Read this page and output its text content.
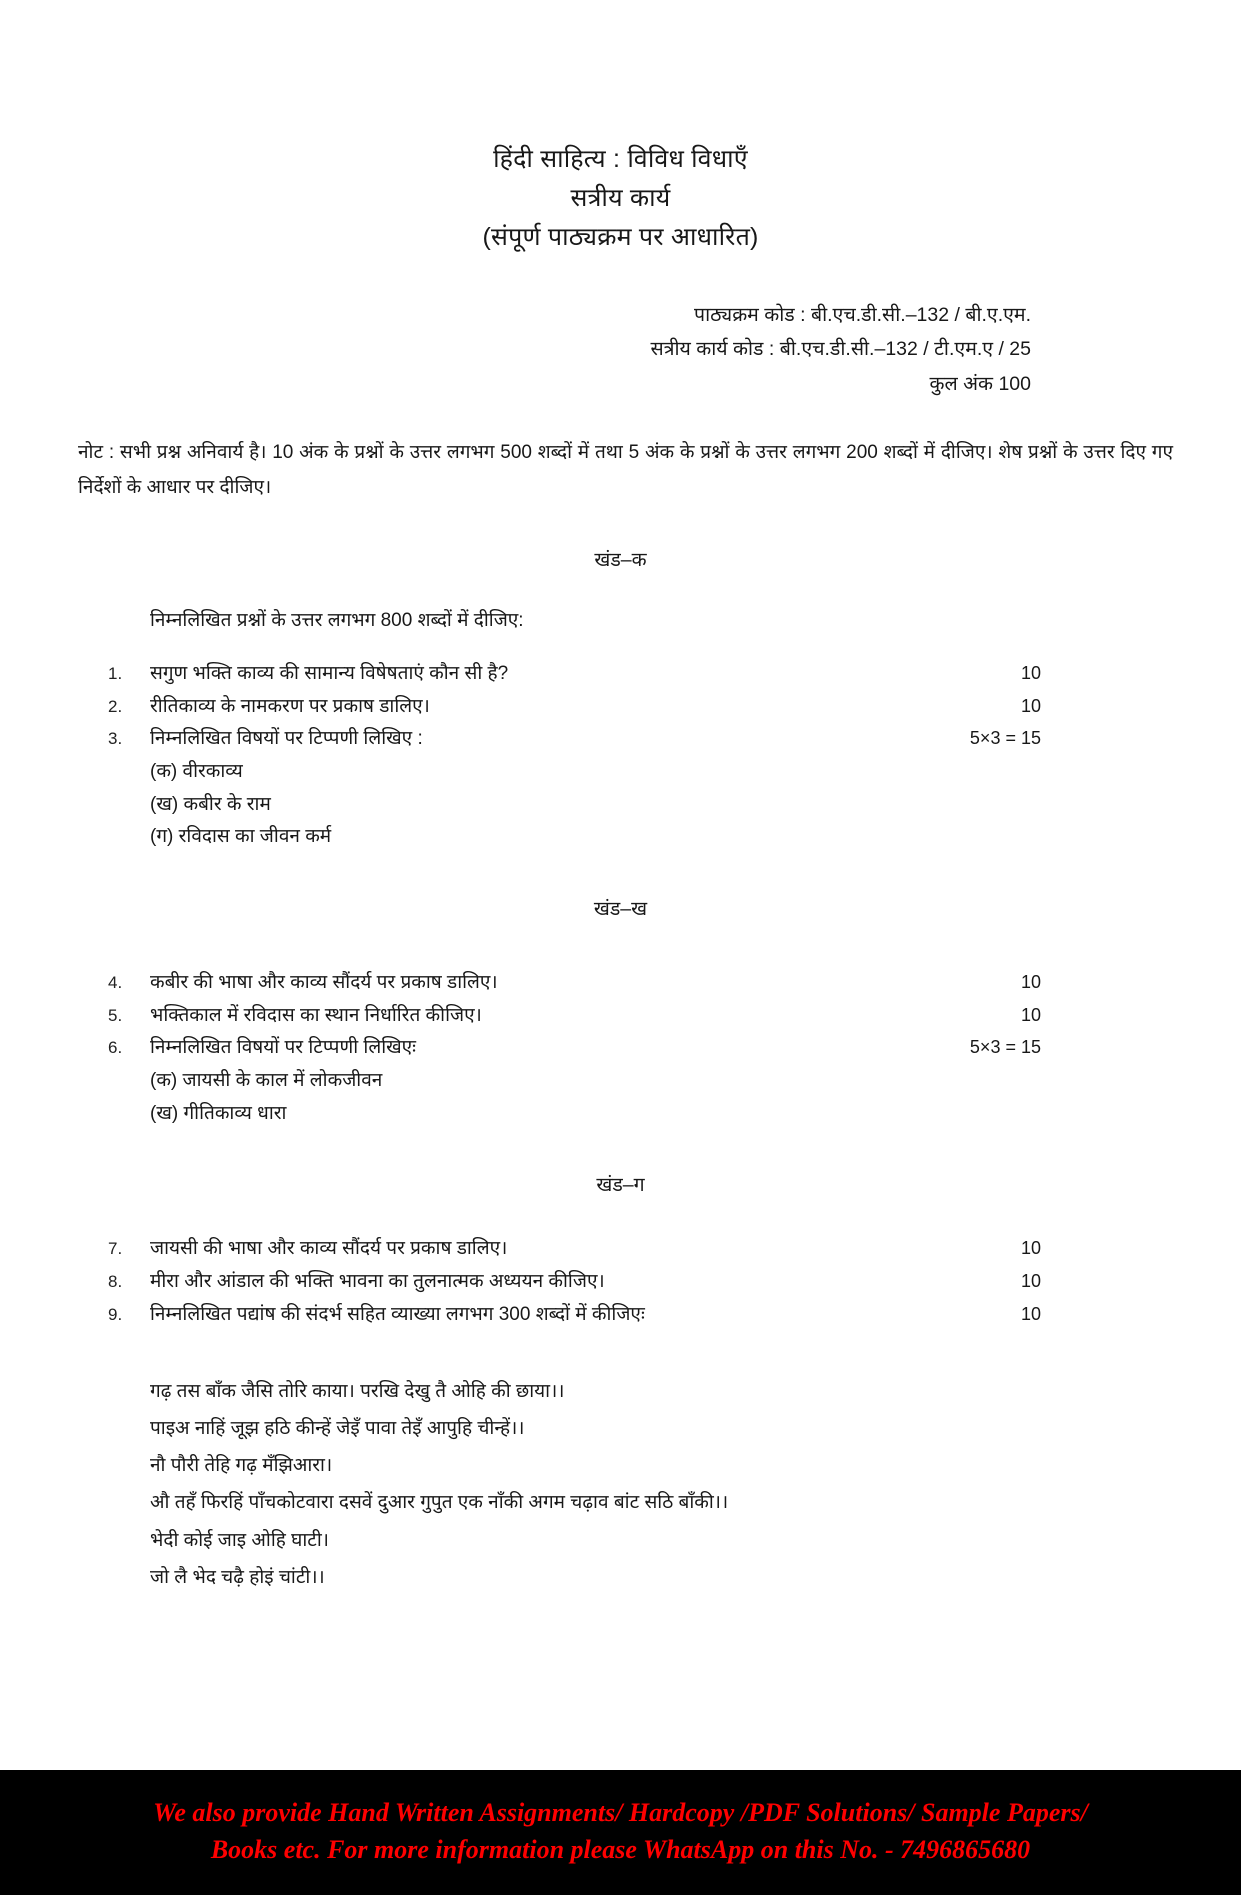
हिंदी साहित्य : विविध विधाएँ
सत्रीय कार्य
(संपूर्ण पाठ्यक्रम पर आधारित)
पाठ्यक्रम कोड : बी.एच.डी.सी.–132 / बी.ए.एम.
सत्रीय कार्य कोड : बी.एच.डी.सी.–132 / टी.एम.ए / 25
कुल अंक 100
नोट : सभी प्रश्न अनिवार्य है। 10 अंक के प्रश्नों के उत्तर लगभग 500 शब्दों में तथा 5 अंक के प्रश्नों के उत्तर लगभग 200 शब्दों में दीजिए। शेष प्रश्नों के उत्तर दिए गए निर्देशों के आधार पर दीजिए।
खंड–क
निम्नलिखित प्रश्नों के उत्तर लगभग 800 शब्दों में दीजिए:
1.	सगुण भक्ति काव्य की सामान्य विषेषताएं कौन सी है?	10
2.	रीतिकाव्य के नामकरण पर प्रकाष डालिए।	10
3.	निम्नलिखित विषयों पर टिप्पणी लिखिए :	5×3 = 15
(क) वीरकाव्य
(ख) कबीर के राम
(ग) रविदास का जीवन कर्म
खंड–ख
4.	कबीर की भाषा और काव्य सौंदर्य पर प्रकाष डालिए।	10
5.	भक्तिकाल में रविदास का स्थान निर्धारित कीजिए।	10
6.	निम्नलिखित विषयों पर टिप्पणी लिखिएः	5×3 = 15
(क) जायसी के काल में लोकजीवन
(ख) गीतिकाव्य धारा
खंड–ग
7.	जायसी की भाषा और काव्य सौंदर्य पर प्रकाष डालिए।	10
8.	मीरा और आंडाल की भक्ति भावना का तुलनात्मक अध्ययन कीजिए।	10
9.	निम्नलिखित पद्यांष की संदर्भ सहित व्याख्या लगभग 300 शब्दों में कीजिएः	10
गढ़ तस बाँक जैसि तोरि काया। परखि देखु तै ओहि की छाया।।
पाइअ नाहिं जूझ हठि कीन्हें जेइँ पावा तेइँ आपुहि चीन्हें।।
नौ पौरी तेहि गढ़ मँझिआरा।
औ तहँ फिरहिं पाँचकोटवारा दसवें दुआर गुपुत एक नाँकी अगम चढ़ाव बांट सठि बाँकी।।
भेदी कोई जाइ ओहि घाटी।
जो लै भेद चढ़ै होइं चांटी।।
We also provide Hand Written Assignments/ Hardcopy /PDF Solutions/ Sample Papers/
Books etc. For more information please WhatsApp on this No. - 7496865680
